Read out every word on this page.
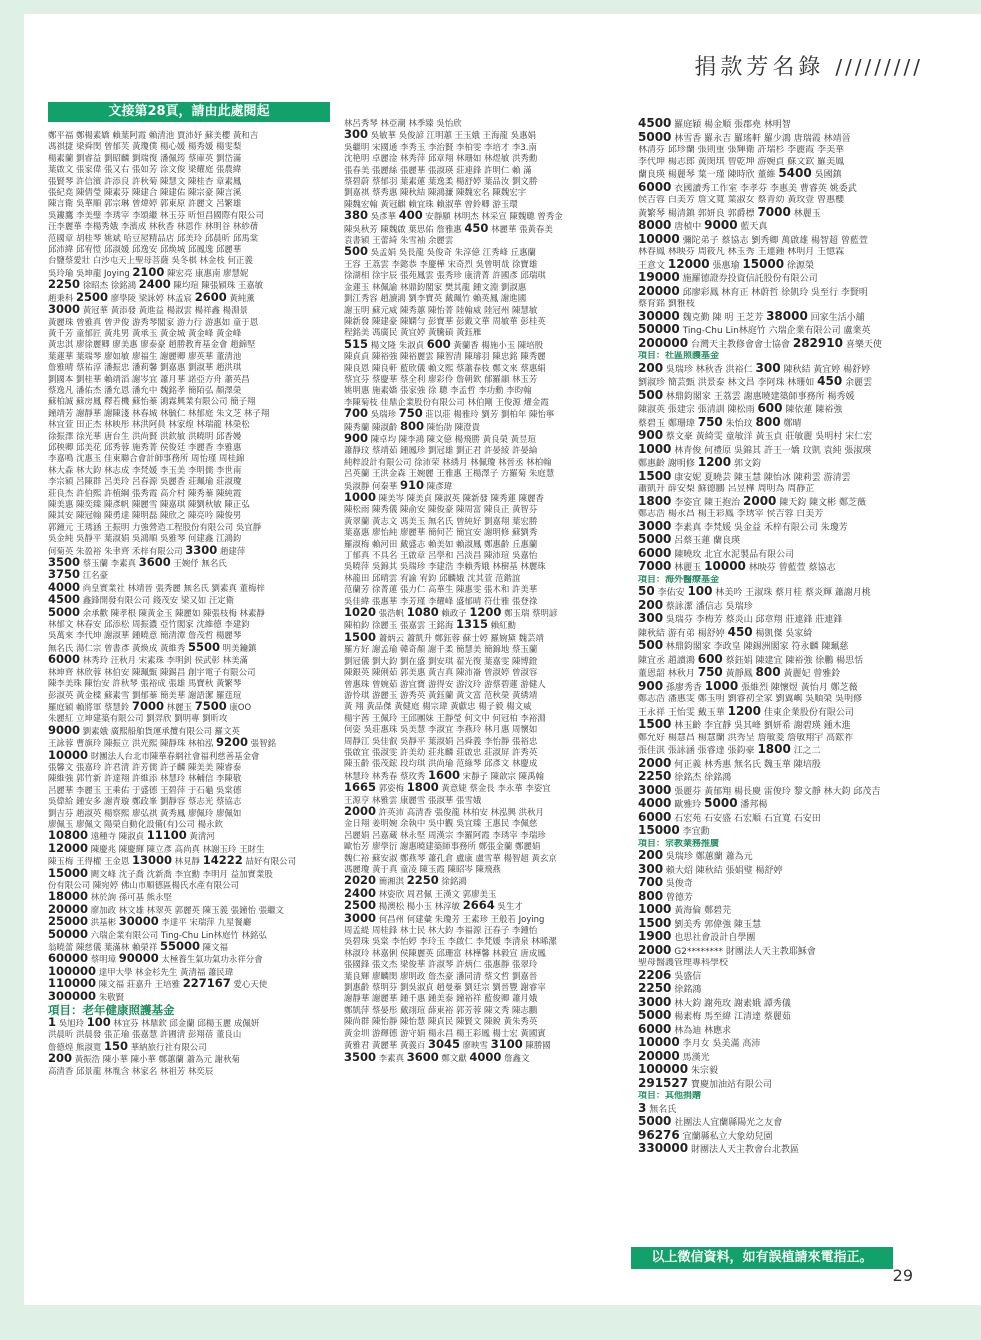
捐款芳名錄 /////////
文接第28頁，請由此處閱起
鄭平福 鄭楊素嬌 賴葉阿霞 賴清池 賈沛妤 蘇美櫻 黃和吉
馮祺捷 梁舜閔 曾郁芙 黃瓊僕 楊心媛 楊秀媛 楊雯梨
楊素蘭 劉睿益 劉昭麟 劉瑞復 潘佩筠 蔡庫英 劉岱滿
葉啟文 張家偉 張又右 張如芳 涂文俊 梁耀庭 張農緯
張賢琴 許信濱 許添良 許秋菊 陳慧文 陳桂杏 章素鳳
張紀堯 陳倩瑩 陳素芬 陳建合 陳建佑 陳宗豪 陳言溪
陳言衛 吳華順 郭宗琳 曾煒婷 郭東原 許麗文 呂繁雄
吳鏤鷹 李美璧 李琇宰 李頌繼 林玉芬 昕恒昌國際有限公司
汪李麗華 李楊秀娥 李濱成 林秋香 林恩作 林明谷 林紗蒨
范國章 胡桂琴 姚斌 哈豆屋精品店 邱美玲 邱晨昕 邱馬棠
邱沛緯 邱宥愷 邱淑媛 邱逸安 邱焕城 邱鳳逸 邱麗華
台鹽蔡愛壯 白沙屯天上聖母菩薩 吳冬棋 林金枝 何正義
吳玲瑜 吳坤龍 Joying 2100 陳宏亮 康惠南 廖慧妮
2250 徐昭杰 徐銘鴻 2400 陳均瑄 陳張穎珠 王嘉敏
趙秉科 2500 廖學陵 梁詠婷 林孟宸 2600 黃純薰
3000 黃冠華 黃添發 黃進益 楊淑雲 楊祥鑫 楊淵景
黃麗珠 曾雅真 曾尹俊 游秀琴閣家 游力行 游惠如 童于恩
黃千芳 童郁匠 黃兆男 黃承玉 黃金城 黃金峰 黃金峰
黃忠淇 廖徐麗卿 廖美惠 廖泰豪 趙勝教育基金會 趙錦堅
葉蓮華 葉瑞琴 廖如敏 廖福生 謝麗卿 廖英華 董清池
詹雅晴 蔡祐淳 潘振忠 潘莉馨 劉嘉惠 劉淑華 趙洪琪
劉國本 劉桂華 賴靖滔 謝岑宜 蕭月華 諾亞方舟 蕭英昌
蔡逸凡 潘佑杰 潘允恩 潘允中 魏銘孝 簡陌弘 顏澤榮
蘇柏誠 蘇房鳳 釋若機 蘇怡蓁 鴻霖興業有限公司 簡子翔
鐘靖芳 謝靜華 謝陳淺 林春城 林毓仁 林郁庭 朱文芝 林子翔
林宜萱 田正杰 林映彤 林洪阿員 林家煌 林瑞龍 林榮松
徐振澤 徐光華 唐台生 洪尚賢 洪欽敏 洪曉明 邱香嫚
邱秧卿 邱美花 邱秀蓉 施秀菁 侯俊廷 李麗香 李雅惠
李嘉鳴 沈惠玉 佳東聯合會計師事務所 周怡瑾 周桂錦
林大森 林大鈞 林志成 李梵媛 李玉美 李明儒 李世南
李宗穎 呂陳群 呂美玲 呂春源 吳麗香 莊珮瑜 莊淑瓊
莊良杰 許伯熙 許植綱 張秀霞 高介村 陳秀蓁 陳純霞
陳美惠 陳奕臻 陳彥帆 陳麗雪 陳嘉琪 陳劉秋敏 陳正弘
陳其安 陳冠翰 陳勇達 陳明磊 陳欣之 陳亮吟 陳俊男
郭鐘元 王琇涵 王振明 力強營造工程股份有限公司 吳宜靜
吳金純 吳靜平 葉淑娟 吳鴻順 吳雅琴 何建鑫 江鴻鈞
何菊英 朱盈裕 朱聿齊 禾梓有限公司 3300 趙建萍
3500 蔡玉蘭 李素真 3600 王婉伃 無名氏
3750 江名豪
4000 尚皇實業社 林靖晉 張秀麗 無名氏 劉素真 董梅梓
4500 鑫鋒開發有限公司 錢茂安 梁又如 汪定衛
5000 余承歡 陳孝根 陳黃金玉 陳麗如 陳張枝梅 林素靜
林郁文 林春安 邱添松 周振濃 亞竹閣家 沈維德 李建鈞
吳萬來 李代坤 謝淑華 鍾曉意 簡清潭 詹茂哲 楊麗琴
無名氏 湯仁宗 曾書彥 黃煥成 黃維秀 5500 明美鑰鎮
6000 林秀玲 汪秋月 宋素珠 李明釗 侯武彰 林美滿
林坤齊 林欣蓉 林伯安 陳珮甄 陳錫昌 創宇電子有限公司
陳李美珠 陳怡安 許秋琴 張裕成 張雄 馬寶秋 黃繁琴
彭淑英 黃金樑 蘇素雪 劉郁蓁 簡美華 謝語潔 羅莛瑄
羅庭穎 賴將軍 蔡慧鈴 7000 林麗玉 7500 康OO
朱麗紅 立坤建築有限公司 劉羿欣 劉明專 劉昕攻
9000 劉素娥 廣熙船舶貨運承攬有限公司 羅文英
王詠蓉 曹旗玲 陳振立 洪光熙 陳靜珠 林柏泓 9200 張智銘
10000 財團法人台北市陳華春網社會福利慈善基金會
張馨文 張嘉玲 許君清 許芳儒 許子麟 陳美美 陳睿泰
陳維強 郭竹新 許達翔 許維添 林慧玲 林輔信 李陳敬
呂麗華 李麗玉 王乘佑 于盛德 王碧萍 于石龜 吳棠德
吳偉給 鍾安多 謝青璇 鄭政峯 劉靜容 蔡志光 蔡協志
劉吉芬 趙淑英 楊察熙 廖弘祺 黃秀鳳 廖佩玲 廖佩如
廖佩玉 廖佩文 陽榮自動化設備(有)公司 楊永欽
10800 遠種寺 陳淑貞 11100 黃清河
12000 陳慶兆 陳慶輝 陳立彥 高尚真 林謝玉玲 王財生
陳玉梅 王得權 王金恩 13000 林見靜 14222 喆好有限公司
15000 闕文峰 沈子喬 沈新喬 李宜勳 李明月 益加實業股
份有限公司 陳宛婷 佛山市順德區楊氏水產有限公司
18000 林於詢 孫可基 熊永堅
20000 廖加政 林文雄 林翠英 郭麗英 陳玉義 張鐘怡 張繼文
25000 洪基彬 30000 李達平 宋瑞萍 九星餐廳
50000 六瑞企業有限公司 Ting-Chu Lin林庭竹 林銘弘
翁曉蕾 陳慈儀 葉滿林 賴榮祥 55000 陳文福
60000 蔡明璋 90000 太極養生氣功氣功永祥分會
100000 達甲大學 林金杉先生 黃清福 蕭民瑋
110000 陳文福 莊嘉升 王培雅 227167 愛心天使
300000 朱敬賢
項目：老年健康照護基金
1 吳旭玲 100 林宜芬 林鼎欽 邱金蘭 邱楊玉麗 成佩妍
洪晨昕 洪晨發 張芷瑜 張嘉慧 許圃清 彭翔蓓 董良山
詹德煌 熊淑寬 150 華納旅行社有限公司
200 黃振浩 陳小華 陳小華 鄭蕙蘭 蕭為元 謝秋菊
高清香 邱景龍 林胤含 林家名 林祖芳 林奕辰
林呂秀琴 林亞潮 林季臻 吳怡欣
300 吳敏華 吳俊諺 江明蕙 王玉娥 王海龍 吳惠娟
吳繼明 宋國通 李秀玉 李治賢 李柏雯 李培才 李3.南
沈艳明 卓麗淦 林秀萍 邱章翔 林珊如 林煜敏 洪秀勳
張春美 張麗絲 張麗華 張淑瑛 莊連鋒 許明仁 賴 滿
蔡碧蔚 蔡郁羽 葉素蓮 葉逸柔 楊舒婷 葉品汝 劉文勝
劉嘉祺 蔡秀惠 陳秋結 陳鴻濂 陳魏宏名 陳魏宏宇
陳魏宏翰 黃冠麒 賴宜珠 賴淑華 曾鈴卿 游玉環
380 吳彥華 400 安靜願 林明杰 林采宣 陳魏聰 曾秀金
陳吳秋芳 陳魏啟 葉思佑 詹雅惠 450 林麗華 張黃春美
袁書穎 王蕾綺 朱雪袖 余麗雲
500 吳孟娟 吳長龍 吳俊奇 朱淳億 江秀峰 丘惠蘭
王容 王荔雲 李懿恭 李慶樺 宋奇烈 吳曾明哉 徐寶雄
徐湖相 徐宇辰 張苑鳳雲 張秀珍 康清菁 許國彥 邱瑞琪
金蓮玉 林佩諭 林鼎鈞閣家 樊其龍 鍾文淵 劉淑惠
劉江秀容 趙讀鴻 劉李寶英 戴珮竹 賴英鳳 謝進國
謝玉明 蘇元威 陳秀蕙 陳怡菁 陸翰威 陸冠州 陳慧敏
陳新發 陳建豪 陳嫻勻 彭寶華 彭戴文華 周敏華 彭桂英
程銘美 馮廣民 黃宜婷 黃騰碩 黃鈺雁
515 楊文隆 朱淑貞 600 黃蘭香 楊施小玉 陳培殷
陳貞貞 陳裕強 陳裕麗雲 陳智清 陳璿羽 陳忠銘 陳秀麗
陳良恩 陳良軒 藍欣儀 賴文熙 蔡蕭春枝 鄭文來 蔡惠絹
蔡宜芬 蔡慶華 蔡全利 廖彩伶 詹朝欽 郁羅韻 林玉芳
姚明惠 施素嬌 張家強 徐 聰 李孟哲 李功勳 李昀翰
李陳菊枝 佳鼎企業股份有限公司 林伯剛 王俊源 燿金霞
700 吳瑞珍 750 莊以莊 楊雅玲 劉芳 劉柏年 陳怡寧
陳秀蘭 陳淑齡 800 陳怡劭 陳澄貴
900 陳卓均 陳李鴻 陳文億 楊飛勝 黃良榮 黃昱瑄
蕭靜玟 蔡靖茹 鍾鳳珍 劉冠雄 劉正君 許晏綾 許晏綸
純粹設計有限公司 徐沛荣 林綉月 林佩瓊 林晉丞 林柏翰
呂英蘭 王洪金森 王婉麗 王雅惠 王楊澤子 方羅菊 朱庭慧
吳淑靜 何秦華 910 陳彥瑋
1000 陳美岑 陳美貞 陳淑英 陳新發 陳秀蓮 陳麗香
陳松雨 陳秀儀 陳俞安 陳俊豪 陳周富 陳良正 黃智芬
黃翠蘭 黃志文 馮美玉 無名氏 曾純好 劉嘉翔 葉宏勝
葉嘉惠 廖怡純 廖麗華 簡何芒 簡宜安 謝明修 蘇劉秀
羅淑梅 賴河田 戴盛志 賴美如 賴淑鳳 鄭惠齡 丘惠蘭
丁郁真 不具名 王啟章 呂學和 呂淡昌 陳沛瑄 吳嘉怡
吳曉萍 吳錦其 吳瑞珍 李建浩 李賴秀娥 林樹基 林麗珠
林龍田 邱晴雲 宥諭 宥鈞 邱麟娥 沈其萱 范鍇誼
范蘭芳 徐菁蓮 張力仁 高華生 陳惠雯 張木和 許美華
吳佳緯 張惠華 李芳瑾 李耀峰 盛郁晴 符仕雅 張登祿
1020 張浩帆 1080 賴政子 1200 鄭玉瑞 蔡明諺
陳柏鈞 徐麗玉 張嘉雲 王銘海 1315 賴紅勳
1500 蕭炳云 蕭凱升 鄭鈺蓉 蘇士婷 羅婉黛 魏芸靖
羅方好 謝孟瑜 韓奇顏 謝千柔 簡慧美 簡錦地 蔡玉蘭
劉冠儀 劉大鈞 劉在盛 劉安琪 翟光復 葉嘉雯 陳博鐙
陳銀英 陳俐茹 郭美惠 黃吉真 陳沛崙 曾淑婷 曾淑容
曾惠珠 曾婉茹 游宜寶 游得安 游汶玲 游蔡碧蓮 游健人
游怜琪 游麗玉 游秀英 黃鈺蘭 黃文富 范秋榮 黃綉靖
黃 翔 黃品傑 黃健庭 楊宗瑋 黃獻忠 楊子毅 楊文威
楊宇茜 王佩玲 王邱團妹 王靜瑩 何文中 何冠柏 李裕淵
何姿 吳莊惠珠 吳美慧 李淑宜 李燕玲 林月惠 周懷如
周靜江 吳佳叡 吳靜平 葉淑娟 呂舜義 李怡靜 張裕忠
張啟宜 張淑雯 許美幼 莊兆麟 莊啟忠 莊淑屏 許秀英
陳玉齡 張茂鋐 段均琪 洪尚瑜 范綠琴 邱彥文 林慶成
林慧玲 林秀春 蔡玫秀 1600 宋靜子 陳歆宗 陳禹翰
1665 郭姿梅 1800 黃意婕 蔡金長 李永華 李姿宜
王源亨 林雅雲 康麗雪 張淑華 張雪娥
2000 許英沛 高清香 張俊龍 林柏安 林泓興 洪秋月
金日翔 姜明婉 余執中 吳中觀 吳宜臻 王惠民 李佩慈
呂麗娟 呂嘉蔵 林永堅 周漢宗 李羅阿霞 李琇宰 李瑞珍
歐怡芳 廖學衍 謝惠曉建築師事務所 鄭張金蘭 鄭麗娟
魏仁裕 蘇安淑 鄭燕琴 蕭孔倉 盧康 盧雪華 楊智超 黃玄京
馮麗瓊 黃于真 童凌 陳玉霞 陳昭岑 陳飛燕
2020 簡湘淇 2250 徐銘鴻
2400 林姿欣 周君佩 王漢文 郭廖美玉
2500 楊澳松 楊小玉 林淳敏 2664 吳生才
3000 何昌州 何建彙 朱瓊芳 王素珍 王般若 Joying
周孟緹 周桂鋒 林士民 林大鈞 李福源 汪春子 李鍾怡
吳碧珠 吳棠 李怡婷 李玲玉 李啟仁 李梵媛 李清泉 林晞漯
林淑玲 林嘉俐 侯陳麗英 邱珊富 林樺馨 林毅宣 唐成鳳
張國鋒 張文杰 梁俊華 許淑琴 許炳仁 張惠靜 張翠玲
葉良輝 廖麟閔 廖明政 詹杰豪 潘同清 蔡文哲 劉嘉晉
劉惠齡 蔡明芬 劉吳淑貞 趙曼蓁 劉廷宗 劉晉豐 謝睿宰
謝靜華 謝麗華 鍾千惠 鍾美泰 鐘裕祥 藍俊卿 蕭月娥
鄭凱萍 蔡晏彤 戴翊瑄 薛東裕 郭芳蓉 陳文秀 陳志鵬
陳尚群 陳怡靜 陳怡慧 陳貞民 陳賢文 陳銳 黃朱秀英
黃金圳 游輝德 游守娟 楊永昌 楊王彩鳳 楊士宏 黃國賓
黃雅君 黃麗華 黃義百 3045 廖映雪 3100 陳勝國
3500 李素真 3600 鄭文獻 4000 詹鑫文
4500 羅庭穎 楊金順 張郡堯 林明智
5000 林雪香 羅永吉 羅瑤軒 羅少鴻 唐瑞霞 林靖晉
林清芬 邱珍蘭 張則重 張輝衛 許瑞杉 李麗霞 李美華
李代坤 楊志郎 黃閔琪 曾乾坤 游婉貞 蘇文欽 羅美鳳
蘭良瑛 楊麗琴 葉一瑾 陳時欣 董維 5400 吳國鎮
6000 衣國讀秀工作室 李孝芬 李惠美 曹睿英 姚委武
侯吉蓉 白美芳 詹文寬 葉淑女 蔡青幼 黃玫壹 曾惠櫻
黃繁琴 楊清鎮 郭妍良 郭爵標 7000 林麗玉
8000 唐楨中 9000 藍天真
10000 彌陀弟子 蔡協志 劉秀卿 萬啟雄 楊智超 曾藍萱
林春鳳 林映芬 周筱凡 林玉秀 王連鍾 林明月 王憶霖
王意文 12000 張惠瑜 15000 徐源榮
19000 施羅德證券投資信託股份有限公司
20000 邱廖彩鳳 林育正 林蔚哲 徐凱玲 吳至行 李賢明
蔡育銘 劉雅枝
30000 魏克勤 陳 明 王芝芳 38000 回家生活小舖
50000 Ting-Chu Lin林庭竹 六瑞企業有限公司 盧業英
200000 台灣天主教修會會士協會 282910 喜樂天使
項目：社區照護基金
200 吳瑞珍 林秋香 洪裕仁 300 陳秋結 黃宜婷 楊舒婷
劉淑珍 簡芸甄 洪景泰 林文昌 李阿珠 林珊如 450 余麗雲
500 林鼎鈞閣家 王荔雲 謝惠曉建築師事務所 楊秀媛
陳淑英 張建宗 張清訓 陳松雨 600 陳依蓮 陳裕強
蔡碧玉 鄭珊瑋 750 朱怡玟 800 鄭晴
900 蔡文豪 黃綺雯 童敏洋 黃玉貞 莊敏麗 吳明村 宋仁宏
1000 林青俊 何禮原 吳錦其 許王一嬌 玟凱 袁純 張淑瑛
鄭惠齡 謝明修 1200 郭文鈞
1500 康安妮 夏曉芸 陳玉慧 陳怡冰 陳莉雲 游清雲
蕭凱升 薛安梨 蘇德鵬 呂昱樺 周明為 周靜芷
1800 李姿宜 陳王抱治 2000 陳天鈞 陳文彬 鄭芝薇
鄭志浩 楊永昌 楊王彩鳳 李琇宰 侯吉蓉 白美芳
3000 李素真 李梵媛 吳金益 禾梓有限公司 朱瓊芳
5000 呂蔡玉蓮 蘭良瑛
6000 陳曉玫 北宜水泥製品有限公司
7000 林麗玉 10000 林映芬 曾藍萱 蔡協志
項目：海外醫療基金
50 李佑安 100 林美吟 王淑珠 蔡月桂 蔡炎輝 蕭謝月桃
200 蔡詠潔 潘信志 吳瑞珍
300 吳瑞芬 李梅芳 蔡炎山 邱章翔 莊連鋒 莊連鋒
陳秋結 游有弟 楊舒婷 450 楊凱傑 吳家綺
500 林鼎鈞閣家 李政皇 陳錫洲閣家 符永麟 陳珮慈
陳宜丞 趙讀鴻 600 蔡鈺娟 陳建宜 陳裕強 徐鵬 楊思恬
董恩韶 林秋月 750 黃靜鳳 800 黃麗妃 曾雅鈴
900 孫廖秀香 1000 張維烈 陳懷煜 黃怡月 鄭芝薇
鄭志浩 潘惠雯 鄭玉明 劉睿初全家 劉翼嶼 吳順榮 吳明修
王永祥 王怡雯 戴玉華 1200 佳東企業股份有限公司
1500 林玉齡 李宜靜 吳其峰 劉妍希 謝碧瑛 鍾木進
鄭允好 楊慧昌 楊慧蘭 洪秀呈 詹敏菱 詹敏翔宇 高鋐祚
張佳淇 張詠涵 張睿達 張鈞豪 1800 江之二
2000 何正義 林秀惠 無名氏 魏玉華 陳培殷
2250 徐銘杰 徐銘鴻
3000 張麗芬 黃郁翔 楊長慶 雷俊玲 黎文靜 林大鈞 邱茂吉
4000 歐雅玲 5000 潘邦楊
6000 石宏苑 石安盛 石宏順 石宜寬 石安田
15000 李宜勳
項目：宗教業務推廣
200 吳瑞珍 鄭蕙蘭 蕭為元
300 賴大炤 陳秋結 張娟璧 楊舒婷
700 吳俊奇
800 曾德芳
1000 黃海倫 鄭碧芫
1500 劉美秀 郭偉強 陳玉慧
1900 也思社會設計自學團
2000 G2******** 財團法人天主教耶穌會
聖母醫護管理專科學校
2206 吳盛信
2250 徐銘鴻
3000 林大鈞 謝苑玫 謝素娥 譚秀儀
5000 楊素梅 馬至緯 江清達 蔡麗茹
6000 林為迪 林應求
10000 李月女 吳美滿 高沛
20000 馬漢光
100000 朱宗毅
291527 寶慶加油站有限公司
項目：其他捐贈
3 無名氏
5000 社團法人宜蘭縣陽光之友會
96276 宜蘭縣私立大象幼兒園
330000 財團法人天主教會台北教區
以上徵信資料，如有誤植請來電指正。
29
